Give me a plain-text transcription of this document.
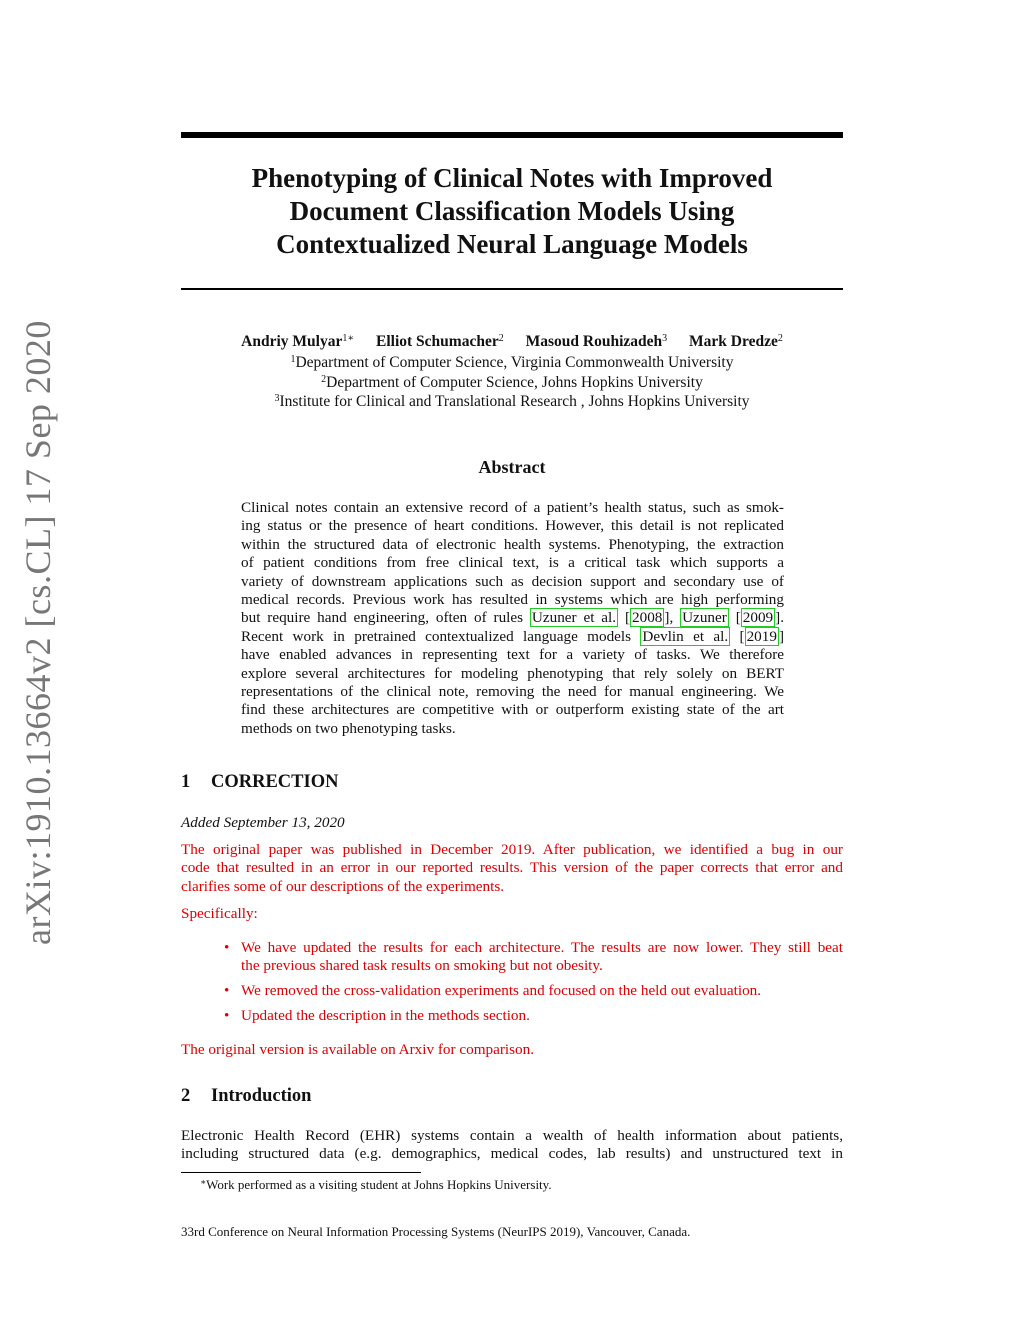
arXiv:1910.13664v2 [cs.CL] 17 Sep 2020
Phenotyping of Clinical Notes with Improved
Document Classification Models Using
Contextualized Neural Language Models
Andriy Mulyar$^{1∗}$ Elliot Schumacher$^2$ Masoud Rouhizadeh$^3$ Mark Dredze$^2$
$^1$Department of Computer Science, Virginia Commonwealth University
$^2$Department of Computer Science, Johns Hopkins University
$^3$Institute for Clinical and Translational Research , Johns Hopkins University
Abstract
Clinical notes contain an extensive record of a patient’s health status, such as smok-
ing status or the presence of heart conditions. However, this detail is not replicated
within the structured data of electronic health systems. Phenotyping, the extraction
of patient conditions from free clinical text, is a critical task which supports a
variety of downstream applications such as decision support and secondary use of
medical records. Previous work has resulted in systems which are high performing
but require hand engineering, often of rules Uzuner et al. [ 2008 ], Uzuner [ 2009 ].
Recent work in pretrained contextualized language models Devlin et al. [ 2019 ]
have enabled advances in representing text for a variety of tasks. We therefore
explore several architectures for modeling phenotyping that rely solely on BERT
representations of the clinical note, removing the need for manual engineering. We
find these architectures are competitive with or outperform existing state of the art
methods on two phenotyping tasks.
1 CORRECTION
Added September 13, 2020
The original paper was published in December 2019. After publication, we identified a bug in our
code that resulted in an error in our reported results. This version of the paper corrects that error and
clarifies some of our descriptions of the experiments.
Specifically:
• We have updated the results for each architecture. The results are now lower. They still beat
the previous shared task results on smoking but not obesity.
• We removed the cross-validation experiments and focused on the held out evaluation.
• Updated the description in the methods section.
The original version is available on Arxiv for comparison.
2 Introduction
Electronic Health Record (EHR) systems contain a wealth of health information about patients,
including structured data (e.g. demographics, medical codes, lab results) and unstructured text in
∗Work performed as a visiting student at Johns Hopkins University.
33rd Conference on Neural Information Processing Systems (NeurIPS 2019), Vancouver, Canada.
